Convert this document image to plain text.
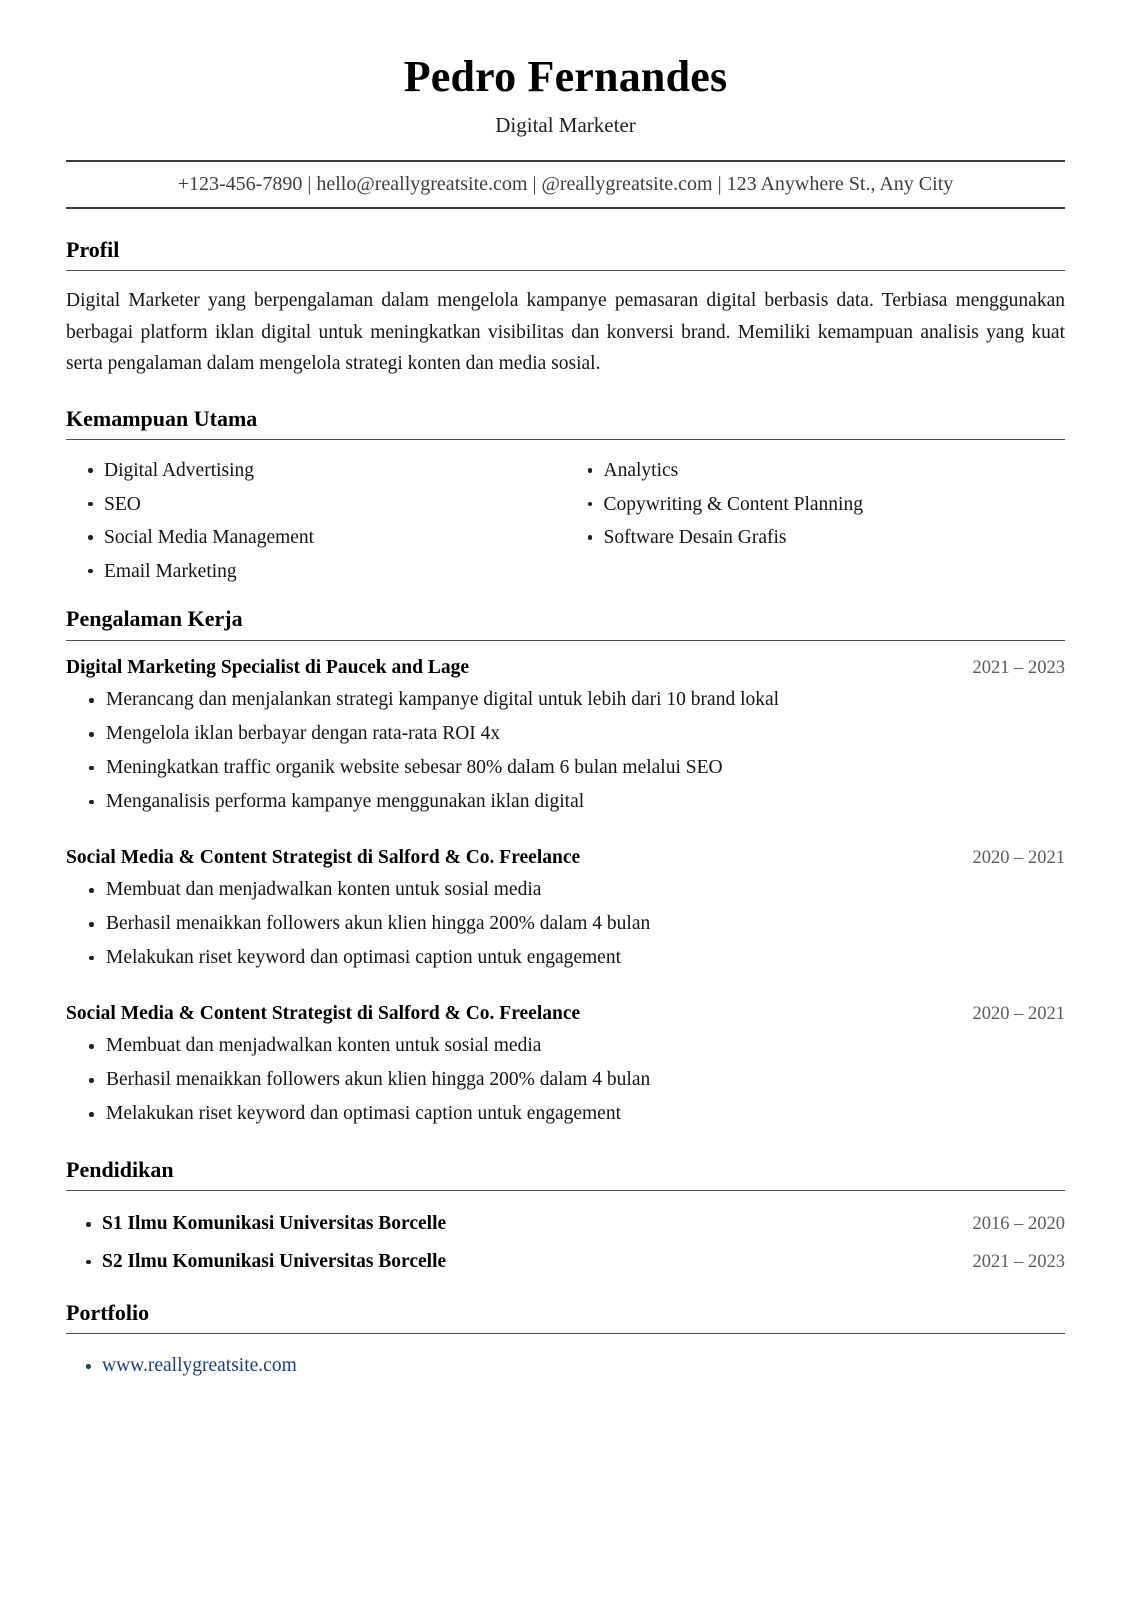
Pedro Fernandes
Digital Marketer
+123-456-7890 | hello@reallygreatsite.com | @reallygreatsite.com | 123 Anywhere St., Any City
Profil

Digital Marketer yang berpengalaman dalam mengelola kampanye pemasaran digital berbasis data. Terbiasa menggunakan berbagai platform iklan digital untuk meningkatkan visibilitas dan konversi brand. Memiliki kemampuan analisis yang kuat serta pengalaman dalam mengelola strategi konten dan media sosial.

Kemampuan Utama
Digital Advertising
SEO
Social Media Management
Email Marketing
Analytics
Copywriting & Content Planning
Software Desain Grafis
Pengalaman Kerja
Digital Marketing Specialist di Paucek and Lage	2021 – 2023
Merancang dan menjalankan strategi kampanye digital untuk lebih dari 10 brand lokal
Mengelola iklan berbayar dengan rata-rata ROI 4x
Meningkatkan traffic organik website sebesar 80% dalam 6 bulan melalui SEO
Menganalisis performa kampanye menggunakan iklan digital
Social Media & Content Strategist di Salford & Co. Freelance	2020 – 2021
Membuat dan menjadwalkan konten untuk sosial media
Berhasil menaikkan followers akun klien hingga 200% dalam 4 bulan
Melakukan riset keyword dan optimasi caption untuk engagement
Social Media & Content Strategist di Salford & Co. Freelance	2020 – 2021
Membuat dan menjadwalkan konten untuk sosial media
Berhasil menaikkan followers akun klien hingga 200% dalam 4 bulan
Melakukan riset keyword dan optimasi caption untuk engagement
Pendidikan
S1 Ilmu Komunikasi Universitas Borcelle	2016 – 2020
S2 Ilmu Komunikasi Universitas Borcelle	2021 – 2023
Portfolio
www.reallygreatsite.com
